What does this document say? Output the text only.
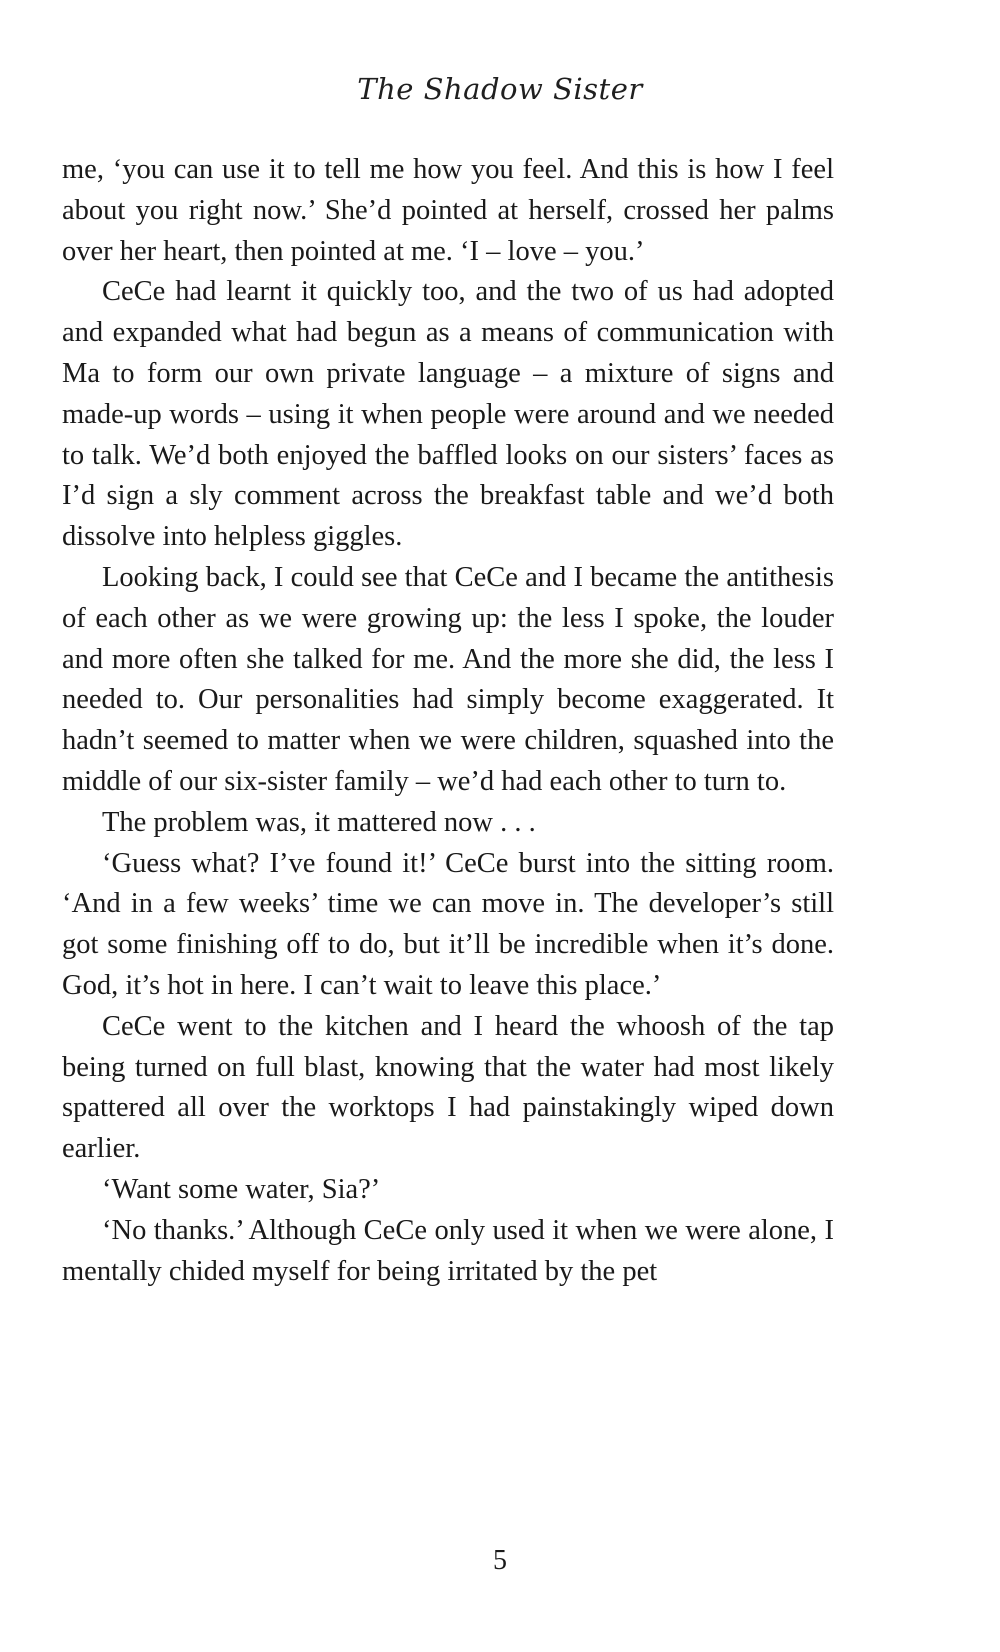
The Shadow Sister

me, ‘you can use it to tell me how you feel. And this is how I feel about you right now.’ She’d pointed at herself, crossed her palms over her heart, then pointed at me. ‘I – love – you.’

CeCe had learnt it quickly too, and the two of us had adopted and expanded what had begun as a means of communication with Ma to form our own private language – a mixture of signs and made-up words – using it when people were around and we needed to talk. We’d both enjoyed the baffled looks on our sisters’ faces as I’d sign a sly comment across the breakfast table and we’d both dissolve into helpless giggles.

Looking back, I could see that CeCe and I became the antithesis of each other as we were growing up: the less I spoke, the louder and more often she talked for me. And the more she did, the less I needed to. Our personalities had simply become exaggerated. It hadn’t seemed to matter when we were children, squashed into the middle of our six-sister family – we’d had each other to turn to.

The problem was, it mattered now . . .

‘Guess what? I’ve found it!’ CeCe burst into the sitting room. ‘And in a few weeks’ time we can move in. The developer’s still got some finishing off to do, but it’ll be incredible when it’s done. God, it’s hot in here. I can’t wait to leave this place.’

CeCe went to the kitchen and I heard the whoosh of the tap being turned on full blast, knowing that the water had most likely spattered all over the worktops I had painstakingly wiped down earlier.

‘Want some water, Sia?’

‘No thanks.’ Although CeCe only used it when we were alone, I mentally chided myself for being irritated by the pet

5
